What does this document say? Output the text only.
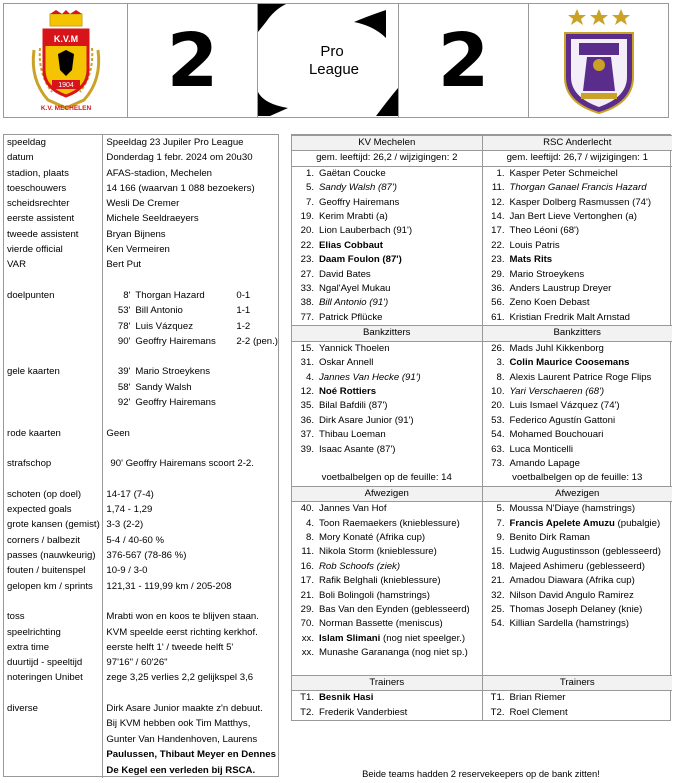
K.V.M
1904
K.V. MECHELEN
2	Pro
League 2
speeldag	Speeldag 23 Jupiler Pro League
datum	Donderdag 1 febr. 2024 om 20u30
stadion, plaats	AFAS-stadion, Mechelen
toeschouwers	14 166 (waarvan 1 088 bezoekers)
scheidsrechter	Wesli De Cremer
eerste assistent	Michele Seeldraeyers
tweede assistent	Bryan Bijnens
vierde official	Ken Vermeiren
VAR	Bert Put

doelpunten	8' Thorgan Hazard 0-1
53' Bill Antonio 1-1
78' Luis Vázquez 1-2
90' Geoffry Hairemans 2-2 (pen.)

gele kaarten	39' Mario Stroeykens
58' Sandy Walsh
92' Geoffry Hairemans

rode kaarten	Geen

strafschop	90' Geoffry Hairemans scoort 2-2.

schoten (op doel)	14-17 (7-4)
expected goals	1,74 - 1,29
grote kansen (gemist)	3-3 (2-2)
corners / balbezit	5-4 / 40-60 %
passes (nauwkeurig)	376-567 (78-86 %)
fouten / buitenspel	10-9 / 3-0
gelopen km / sprints	121,31 - 119,99 km / 205-208

toss	Mrabti won en koos te blijven staan.
speelrichting	KVM speelde eerst richting kerkhof.
extra time	eerste helft 1' / tweede helft 5'
duurtijd - speeltijd	97'16" / 60'26"
noteringen Unibet	zege 3,25 verlies 2,2 gelijkspel 3,6

diverse	Dirk Asare Junior maakte z'n debuut.
Bij KVM hebben ook Tim Matthys,
Gunter Van Handenhoven, Laurens
Paulussen, Thibaut Meyer en Dennes
De Kegel een verleden bij RSCA.
KV Mechelen	RSC Anderlecht
gem. leeftijd: 26,2 / wijzigingen: 2	gem. leeftijd: 26,7 / wijzigingen: 1
1. Gaëtan Coucke	1. Kasper Peter Schmeichel
5. Sandy Walsh (87')	11. Thorgan Ganael Francis Hazard
7. Geoffry Hairemans	12. Kasper Dolberg Rasmussen (74')
19. Kerim Mrabti (a)	14. Jan Bert Lieve Vertonghen (a)
20. Lion Lauberbach (91')	17. Theo Léoni (68')
22. Elias Cobbaut	22. Louis Patris
23. Daam Foulon (87')	23. Mats Rits
27. David Bates	29. Mario Stroeykens
33. Ngal'Ayel Mukau	36. Anders Laustrup Dreyer
38. Bill Antonio (91')	56. Zeno Koen Debast
77. Patrick Pflücke	61. Kristian Fredrik Malt Arnstad
Bankzitters	Bankzitters
15. Yannick Thoelen	26. Mads Juhl Kikkenborg
31. Oskar Annell	3. Colin Maurice Coosemans
4. Jannes Van Hecke (91')	8. Alexis Laurent Patrice Roge Flips
12. Noé Rottiers	10. Yari Verschaeren (68')
35. Bilal Bafdili (87')	20. Luis Ismael Vázquez (74')
36. Dirk Asare Junior (91')	53. Federico Agustín Gattoni
37. Thibau Loeman	54. Mohamed Bouchouari
39. Isaac Asante (87')	63. Luca Monticelli
	73. Amando Lapage
voetbalbelgen op de feuille: 14	voetbalbelgen op de feuille: 13
Afwezigen	Afwezigen
40. Jannes Van Hof	5. Moussa N'Diaye (hamstrings)
4. Toon Raemaekers (knieblessure)	7. Francis Apelete Amuzu (pubalgie)
8. Mory Konaté (Afrika cup)	9. Benito Dirk Raman
11. Nikola Storm (knieblessure)	15. Ludwig Augustinsson (geblesseerd)
16. Rob Schoofs (ziek)	18. Majeed Ashimeru (geblesseerd)
17. Rafik Belghali (knieblessure)	21. Amadou Diawara (Afrika cup)
21. Boli Bolingoli (hamstrings)	32. Nilson David Angulo Ramirez
29. Bas Van den Eynden (geblesseerd)	25. Thomas Joseph Delaney (knie)
70. Norman Bassette (meniscus)	54. Killian Sardella (hamstrings)
xx. Islam Slimani (nog niet speelger.)	
xx. Munashe Garananga (nog niet sp.)	

Trainers	Trainers
T1. Besnik Hasi	T1. Brian Riemer
T2. Frederik Vanderbiest	T2. Roel Clement
Beide teams hadden 2 reservekeepers op de bank zitten!
